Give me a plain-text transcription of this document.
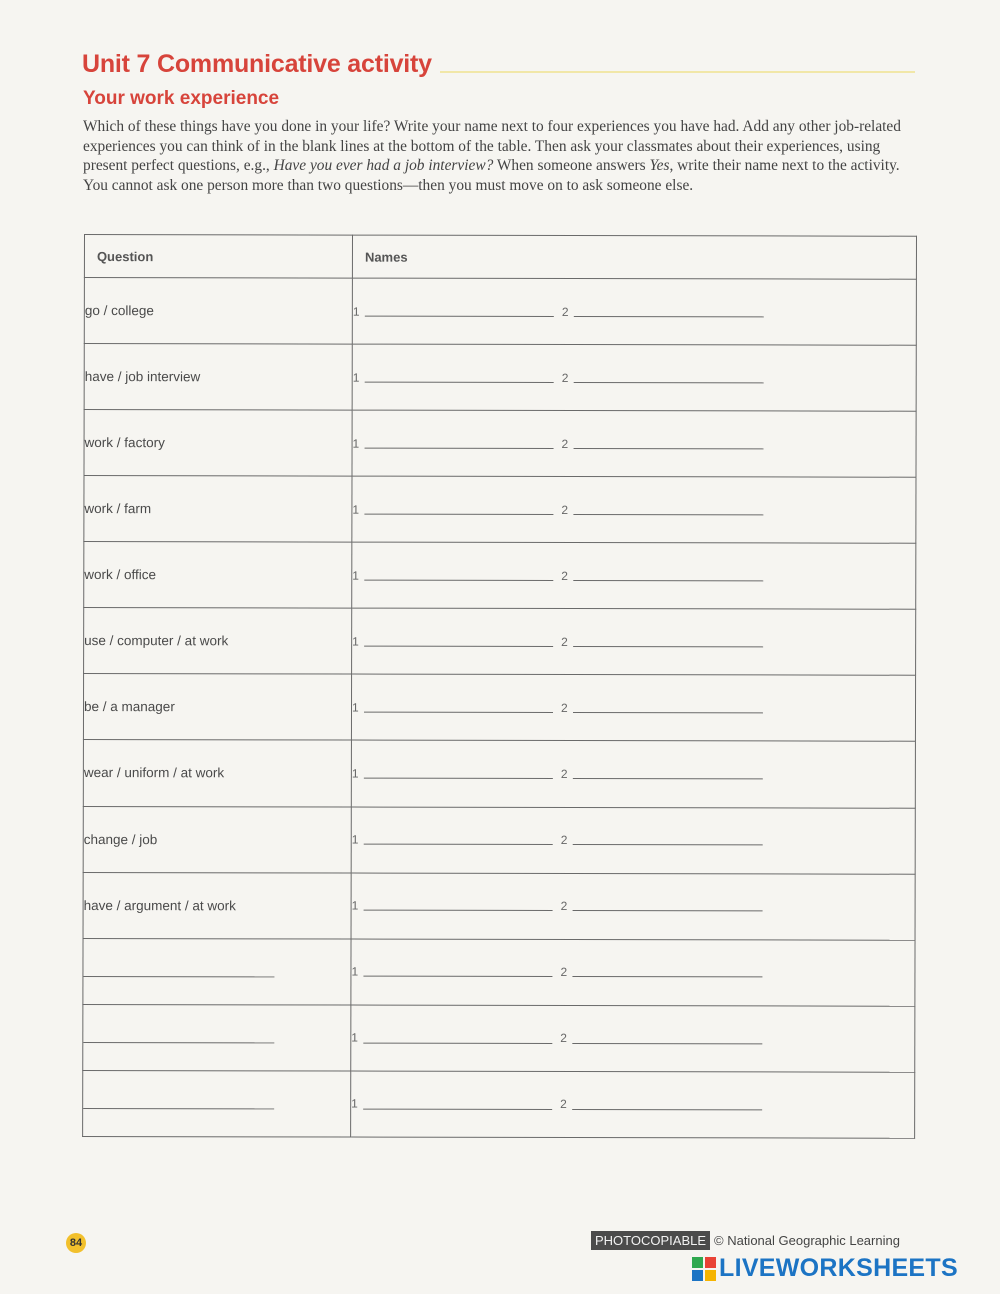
Unit 7 Communicative activity
Your work experience
Which of these things have you done in your life? Write your name next to four experiences you have had. Add any other job-related experiences you can think of in the blank lines at the bottom of the table. Then ask your classmates about their experiences, using present perfect questions, e.g., Have you ever had a job interview? When someone answers Yes, write their name next to the activity. You cannot ask one person more than two questions—then you must move on to ask someone else.
Question	Names
go / college	1 2
have / job interview	1 2
work / factory	1 2
work / farm	1 2
work / office	1 2
use / computer / at work	1 2
be / a manager	1 2
wear / uniform / at work	1 2
change / job	1 2
have / argument / at work	1 2
	1 2
	1 2
	1 2
84	PHOTOCOPIABLE © National Geographic Learning
LIVEWORKSHEETS
